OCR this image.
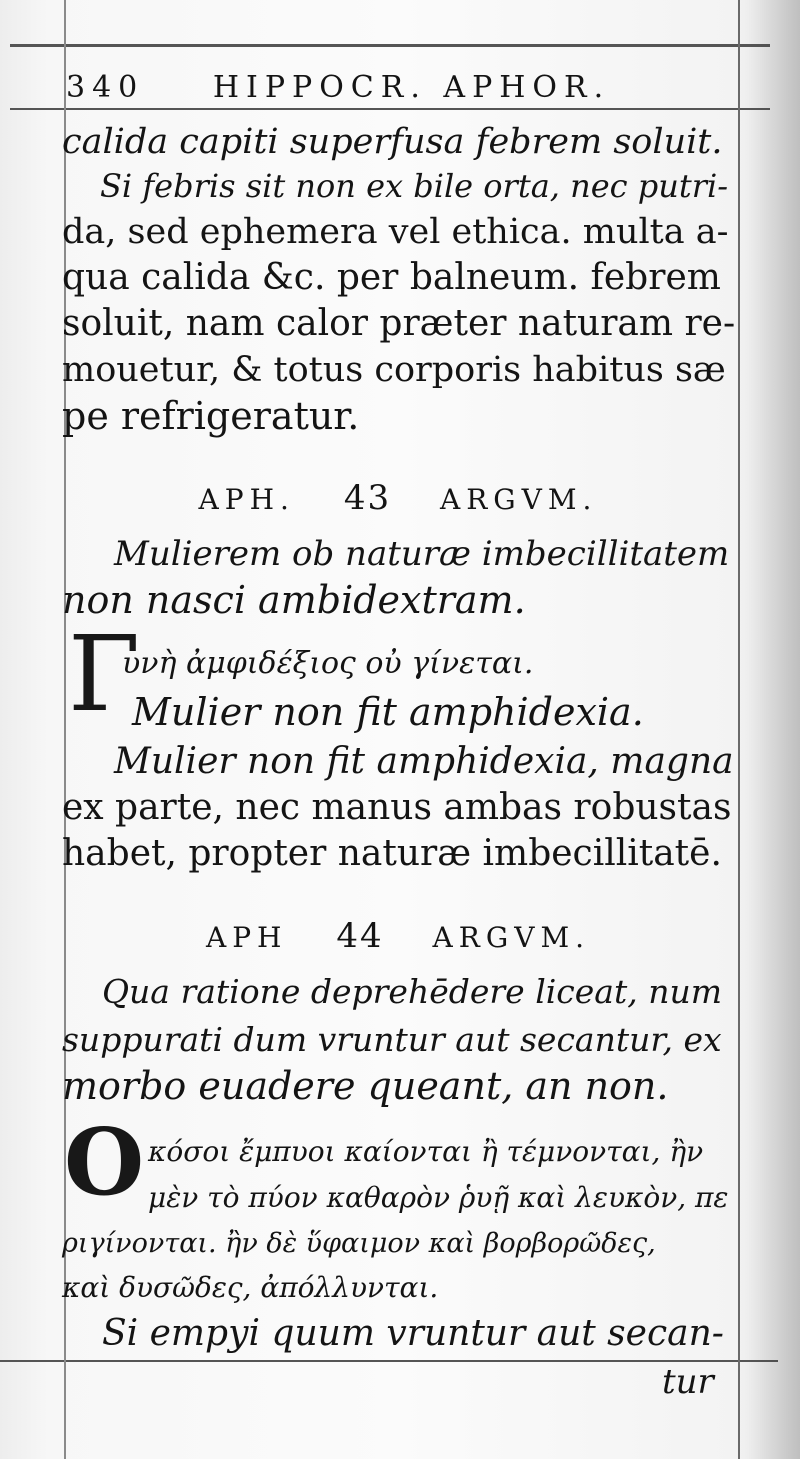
340 HIPPOCR. APHOR.
calida capiti superfusa febrem soluit.
Si febris sit non ex bile orta, nec putri-
da, sed ephemera vel ethica. multa a-
qua calida &c. per balneum. febrem
soluit, nam calor præter naturam re-
mouetur, & totus corporis habitus sæ
pe refrigeratur.
APH. 43 ARGVM.
Mulierem ob naturæ imbecillitatem
non nasci ambidextram.
Γ
υνὴ ἀμφιδέξιος οὐ γίνεται.
Mulier non fit amphidexia.
Mulier non fit amphidexia, magna
ex parte, nec manus ambas robustas
habet, propter naturæ imbecillitatē.
APH 44 ARGVM.
Qua ratione deprehēdere liceat, num
suppurati dum vruntur aut secantur, ex
morbo euadere queant, an non.
O κόσοι ἔμπυοι καίονται ἢ τέμνονται, ἢν
μὲν τὸ πύον καθαρὸν ῥυῇ καὶ λευκὸν, πε
ριγίνονται. ἢν δὲ ὕφαιμον καὶ βορβορῶδες,
καὶ δυσῶδες, ἀπόλλυνται.
Si empyi quum vruntur aut secan-
tur
